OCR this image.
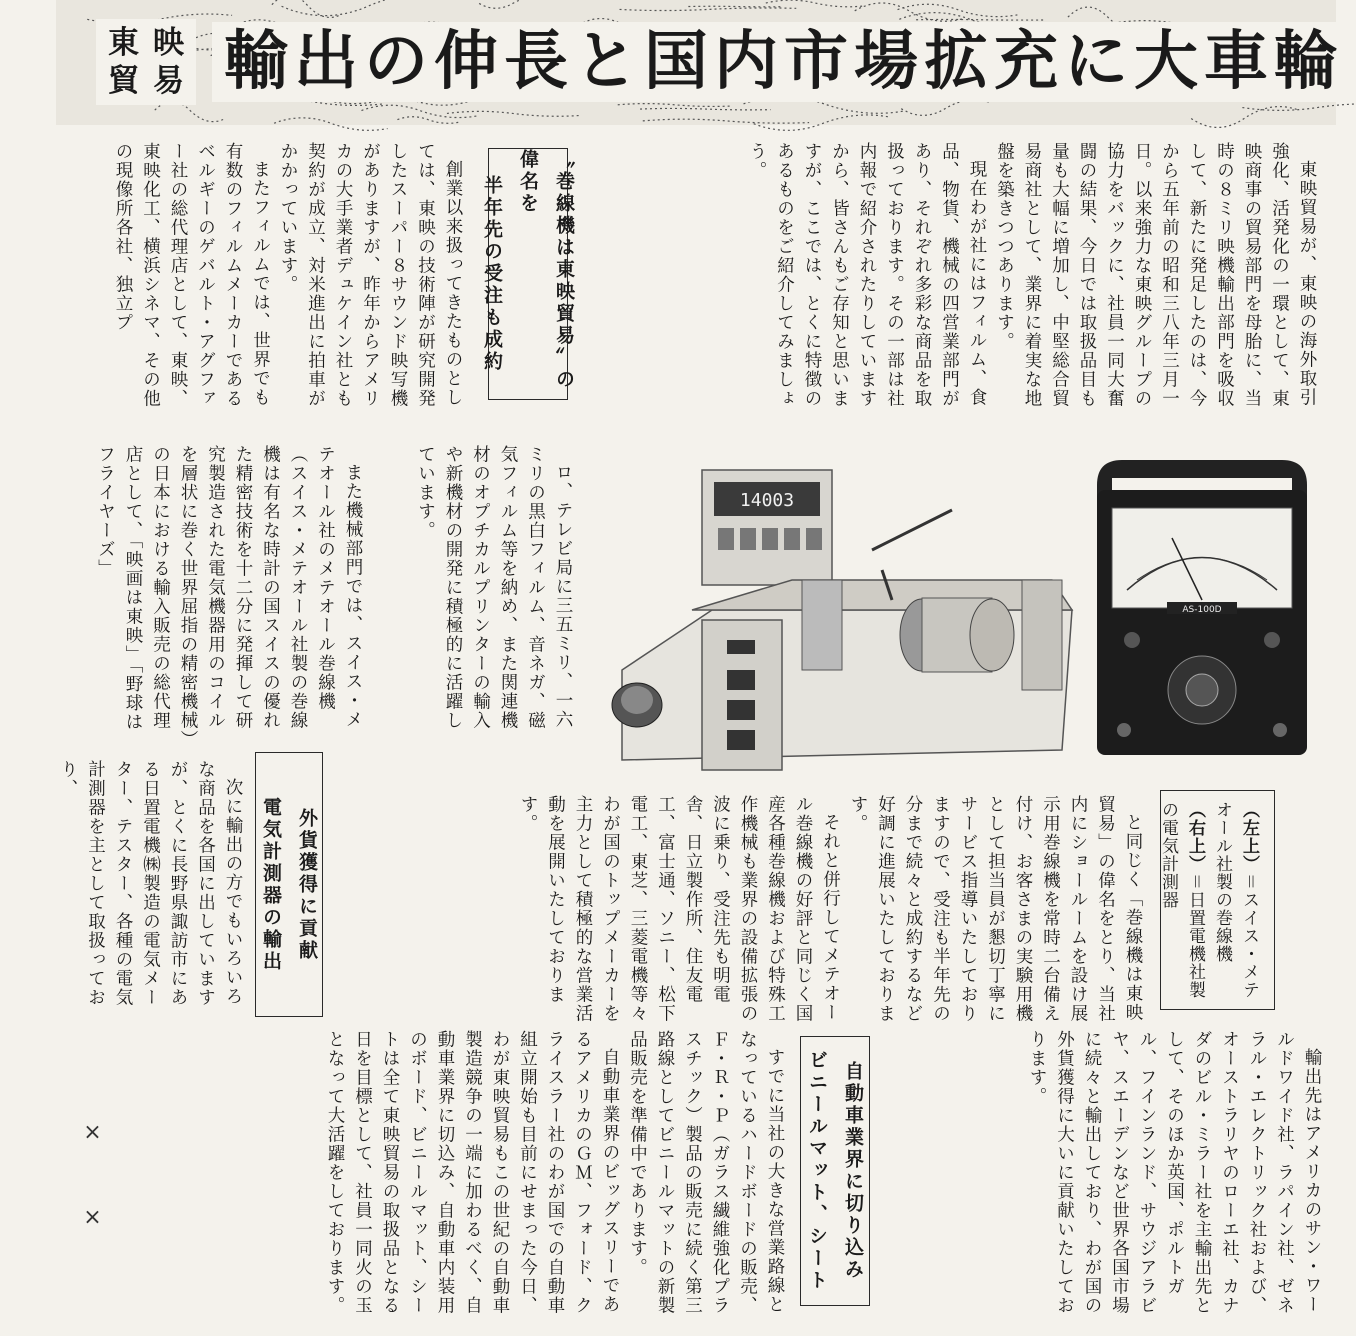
東
貿
映
易 輸出の伸長と国内市場拡充に大車輪

東映貿易が、東映の海外取引強化、活発化の一環として、東映商事の貿易部門を母胎に、当時の８ミリ映機輸出部門を吸収して、新たに発足したのは、今から五年前の昭和三八年三月一日。以来強力な東映グループの協力をバックに、社員一同大奮闘の結果、今日では取扱品目も量も大幅に増加し、中堅総合貿易商社として、業界に着実な地盤を築きつつあります。

現在わが社にはフィルム、食品、物貨、機械の四営業部門があり、それぞれ多彩な商品を取扱っております。その一部は社内報で紹介されたりしていますから、皆さんもご存知と思いますが、ここでは、とくに特徴のあるものをご紹介してみましょう。

〝巻線機は東映貿易〟の偉名を
半年先の受注も成約

創業以来扱ってきたものとしては、東映の技術陣が研究開発したスーパー８サウンド映写機がありますが、昨年からアメリカの大手業者デュケイン社とも契約が成立、対米進出に拍車がかかっています。

またフィルムでは、世界でも有数のフィルムメーカーであるベルギーのゲバルト・アグファー社の総代理店として、東映、東映化工、横浜シネマ、その他の現像所各社、独立プ

14003
AS-100D

ロ、テレビ局に三五ミリ、一六ミリの黒白フィルム、音ネガ、磁気フィルム等を納め、また関連機材のオプチカルプリンターの輸入や新機材の開発に積極的に活躍しています。

また機械部門では、スイス・メテオール社のメテオール巻線機（スイス・メテオール社製の巻線機は有名な時計の国スイスの優れた精密技術を十二分に発揮して研究製造された電気機器用のコイルを層状に巻く世界屈指の精密機械）の日本における輸入販売の総代理店として、「映画は東映」「野球はフライヤーズ」

（左上）＝スイス・メテオール社製の巻線機
（右上）＝日置電機社製の電気計測器

と同じく「巻線機は東映貿易」の偉名をとり、当社内にショールームを設け展示用巻線機を常時二台備え付け、お客さまの実験用機として担当員が懇切丁寧にサービス指導いたしておりますので、受注も半年先の分まで続々と成約するなど好調に進展いたしております。

それと併行してメテオール巻線機の好評と同じく国産各種巻線機および特殊工作機械も業界の設備拡張の波に乗り、受注先も明電舎、日立製作所、住友電工、富士通、ソニー、松下電工、東芝、三菱電機等々わが国のトップメーカーを主力として積極的な営業活動を展開いたしております。

外貨獲得に貢献
電気計測器の輸出

次に輸出の方でもいろいろな商品を各国に出していますが、とくに長野県諏訪市にある日置電機㈱製造の電気メーター、テスター、各種の電気計測器を主として取扱っており、

輸出先はアメリカのサン・ワールドワイド社、ラパイン社、ゼネラル・エレクトリック社および、オーストラリヤのローエ社、カナダのビル・ミラー社を主輸出先として、そのほか英国、ポルトガル、フインランド、サウジアラビヤ、スエーデンなど世界各国市場に続々と輸出しており、わが国の外貨獲得に大いに貢献いたしております。

自動車業界に切り込み
ビニールマット、シート

すでに当社の大きな営業路線となっているハードボードの販売、Ｆ・Ｒ・Ｐ（ガラス繊維強化プラスチック）製品の販売に続く第三路線としてビニールマットの新製品販売を準備中であります。

自動車業界のビッグスリーであるアメリカのＧＭ、フォード、クライスラー社のわが国での自動車組立開始も目前にせまった今日、わが東映貿易もこの世紀の自動車製造競争の一端に加わるべく、自動車業界に切込み、自動車内装用のボード、ビニールマット、シートは全て東映貿易の取扱品となる日を目標として、社員一同火の玉となって大活躍をしております。

××
